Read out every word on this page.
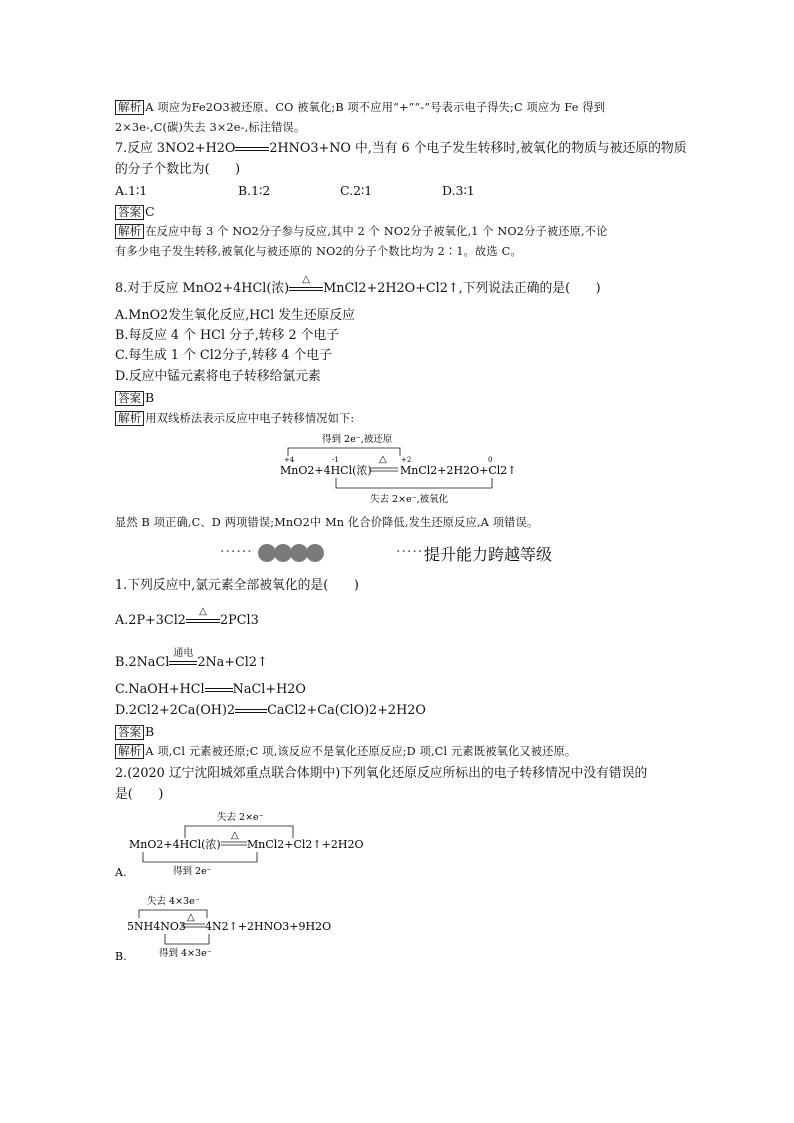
解析 A 项应为Fe2O3被还原、CO 被氧化;B 项不应用“+”“-”号表示电子得失;C 项应为 Fe 得到
2×3e-,C(碳)失去 3×2e-,标注错误。
7.反应 3NO2+H2O	2HNO3+NO 中,当有 6 个电子发生转移时,被氧化的物质与被还原的物质
的分子个数比为(　　)
A.1∶1	B.1∶2	C.2∶1	D.3∶1
答案 C
解析 在反应中每 3 个 NO2分子参与反应,其中 2 个 NO2分子被氧化,1 个 NO2分子被还原,不论
有多少电子发生转移,被氧化与被还原的 NO2的分子个数比均为 2∶1。故选 C。
8.对于反应 MnO2+4HCl(浓)
△
MnCl2+2H2O+Cl2↑,下列说法正确的是(　　)
A.MnO2发生氧化反应,HCl 发生还原反应
B.每反应 4 个 HCl 分子,转移 2 个电子
C.每生成 1 个 Cl2分子,转移 4 个电子
D.反应中锰元素将电子转移给氯元素
答案 B
解析 用双线桥法表示反应中电子转移情况如下:
得到 2e⁻,被还原
+4	-1	+2	0
MnO2+4HCl(浓)
△
MnCl2+2H2O+Cl2↑
失去 2×e⁻,被氧化
显然 B 项正确,C、D 两项错误;MnO2中 Mn 化合价降低,发生还原反应,A 项错误。
······	······
提升能力跨越等级
1.下列反应中,氯元素全部被氧化的是(　　)
A.2P+3Cl2
△
2PCl3
B.2NaCl
通电
2Na+Cl2↑
C.NaOH+HCl NaCl+H2O
D.2Cl2+2Ca(OH)2	CaCl2+Ca(ClO)2+2H2O
答案 B
解析 A 项,Cl 元素被还原;C 项,该反应不是氧化还原反应;D 项,Cl 元素既被氧化又被还原。
2.(2020 辽宁沈阳城郊重点联合体期中)下列氧化还原反应所标出的电子转移情况中没有错误的
是(　　)
失去 2×e⁻
MnO2+4HCl(浓)
△
MnCl2+Cl2↑+2H2O
A.	得到 2e⁻
失去 4×3e⁻
5NH4NO3
△
4N2↑+2HNO3+9H2O
B.	得到 4×3e⁻
